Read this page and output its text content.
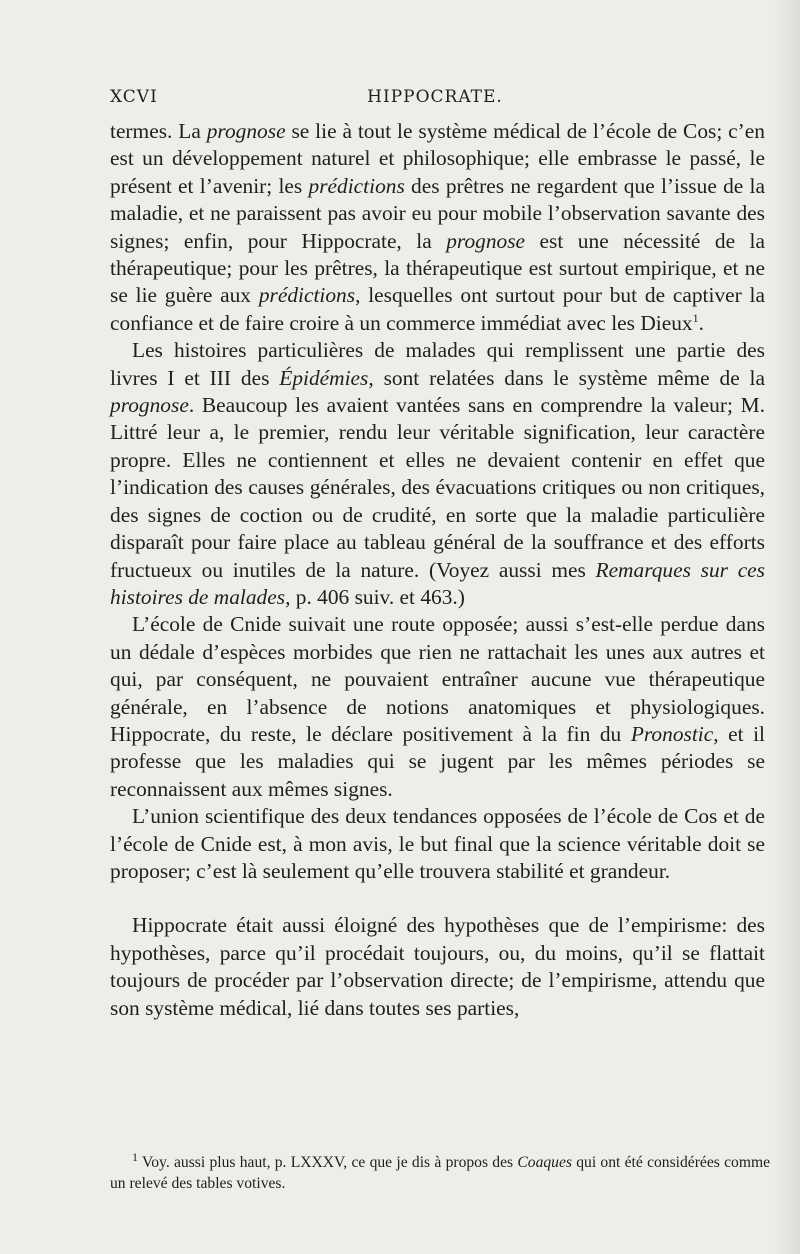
HIPPOCRATE.
XCVI

termes. La prognose se lie à tout le système médical de l’école de Cos; c’en est un développement naturel et philosophique; elle embrasse le passé, le présent et l’avenir; les prédictions des prêtres ne regardent que l’issue de la maladie, et ne paraissent pas avoir eu pour mobile l’observation savante des signes; enfin, pour Hippocrate, la prognose est une nécessité de la thérapeutique; pour les prêtres, la thérapeutique est surtout empirique, et ne se lie guère aux prédictions, lesquelles ont surtout pour but de captiver la confiance et de faire croire à un commerce immédiat avec les Dieux$^1$.

Les histoires particulières de malades qui remplissent une partie des livres I et III des Épidémies, sont relatées dans le système même de la prognose. Beaucoup les avaient vantées sans en comprendre la valeur; M. Littré leur a, le premier, rendu leur véritable signification, leur caractère propre. Elles ne contiennent et elles ne devaient contenir en effet que l’indication des causes générales, des évacuations critiques ou non critiques, des signes de coction ou de crudité, en sorte que la maladie particulière disparaît pour faire place au tableau général de la souffrance et des efforts fructueux ou inutiles de la nature. (Voyez aussi mes Remarques sur ces histoires de malades, p. 406 suiv. et 463.)

L’école de Cnide suivait une route opposée; aussi s’est-elle perdue dans un dédale d’espèces morbides que rien ne rattachait les unes aux autres et qui, par conséquent, ne pouvaient entraîner aucune vue thérapeutique générale, en l’absence de notions anatomiques et physiologiques. Hippocrate, du reste, le déclare positivement à la fin du Pronostic, et il professe que les maladies qui se jugent par les mêmes périodes se reconnaissent aux mêmes signes.

L’union scientifique des deux tendances opposées de l’école de Cos et de l’école de Cnide est, à mon avis, le but final que la science véritable doit se proposer; c’est là seulement qu’elle trouvera stabilité et grandeur.

Hippocrate était aussi éloigné des hypothèses que de l’empirisme: des hypothèses, parce qu’il procédait toujours, ou, du moins, qu’il se flattait toujours de procéder par l’observation directe; de l’empirisme, attendu que son système médical, lié dans toutes ses parties,

$^1$ Voy. aussi plus haut, p. LXXXV, ce que je dis à propos des Coaques qui ont été considérées comme un relevé des tables votives.
